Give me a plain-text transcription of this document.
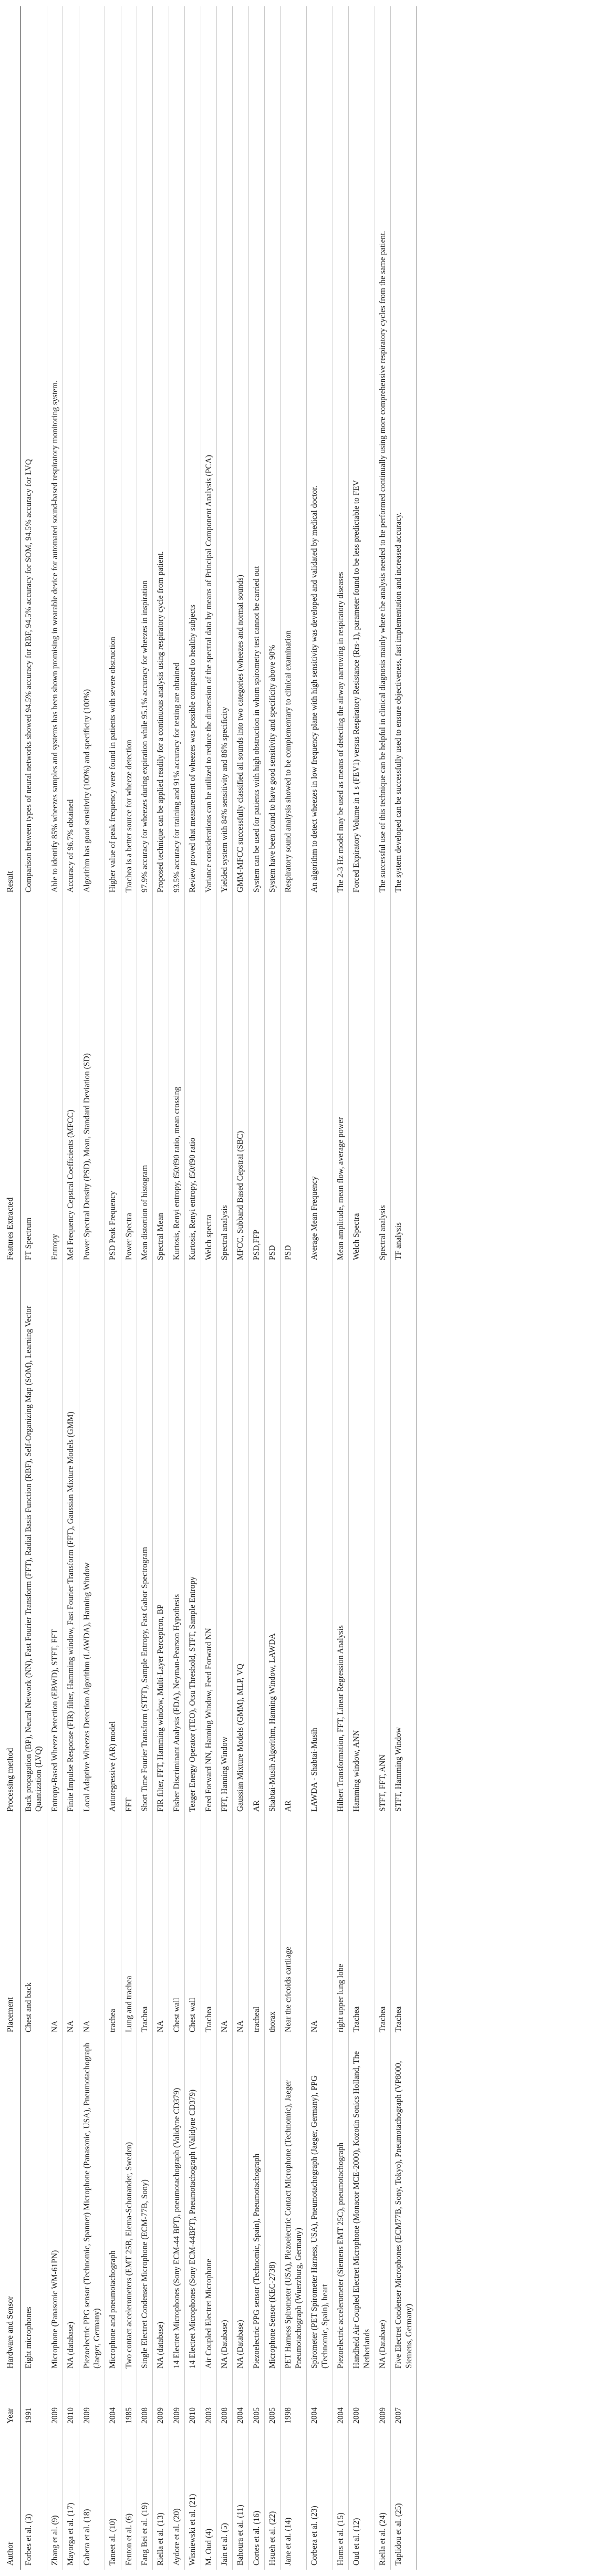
Author	Year	Hardware and Sensor	Placement	Processing method	Features Extracted	Result
Forbes et al. (3)	1991	Eight microphones	Chest and back	Back propagation (BP), Neural Network (NN), Fast Fourier Transform (FFT), Radial Basis Function (RBF), Self-Organizing Map (SOM), Learning Vector Quantization (LVQ)	FT Spectrum	Comparison between types of neural networks showed 94.5% accuracy for RBF, 94.5% accuracy for SOM, 94.5% accuracy for LVQ
Zhang et al. (9)	2009	Microphone (Panasonic WM-61PN)	NA	Entropy-Based Wheeze Detection (EBWD), STFT, FFT	Entropy	Able to identify 85% wheezes samples and systems has been shown promising in wearable device for automated sound-based respiratory monitoring system.
Mayorga et al. (17)	2010	NA (database)	NA	Finite Impulse Response (FIR) filter, Hamming window, Fast Fourier Transform (FFT), Gaussian Mixture Models (GMM)	Mel Frequency Cepstral Coefficients (MFCC)	Accuracy of 96.7% obtained
Cabera et al. (18)	2009	Piezoelectric PPG sensor (Technomic, Spanner) Microphone (Panasonic, USA), Pneumotachograph (Jaeger, Germany)	NA	Local Adaptive Wheezes Detection Algorithm (LAWDA), Hanning Window	Power Spectral Density (PSD), Mean, Standard Deviation (SD)	Algorithm has good sensitivity (100%) and specificity (100%)
Taneet al. (10)	2004	Microphone and pneumotachograph	trachea	Autoregressive (AR) model	PSD Peak Frequency	Higher value of peak frequency were found in patients with severe obstruction
Fenton et al. (6)	1985	Two contact accelerometers (EMT 25B, Elema-Schonander, Sweden)	Lung and trachea	FFT	Power Spectra	Trachea is a better source for wheeze detection
Fang Bei et al. (19)	2008	Single Electret Condenser Microphone (ECM-77B, Sony)	Trachea	Short Time Fourier Transform (STFT), Sample Entropy, Fast Gabor Spectrogram	Mean distortion of histogram	97.9% accuracy for wheezes during expiration while 95.1% accuracy for wheezes in inspiration
Riella et al. (13)	2009	NA (database)	NA	FIR filter, FFT, Hamming window, Multi-Layer Perceptron, BP	Spectral Mean	Proposed technique can be applied readily for a continuous analysis using respiratory cycle from patient.
Aydore et al. (20)	2009	14 Electret Microphones (Sony ECM-44 BPT), pneumotachograph (Validyne CD379)	Chest wall	Fisher Discriminant Analysis (FDA), Neyman-Pearson Hypothesis	Kurtosis, Renyi entropy, f50/f90 ratio, mean crossing	93.5% accuracy for training and 91% accuracy for testing are obtained
Wisniewski et al. (21)	2010	14 Electret Microphones (Sony ECM-44BPT), Pneumotachograph (Validyne CD379)	Chest wall	Teager Energy Operator (TEO), Otsu Threshold, STFT, Sample Entropy	Kurtosis, Renyi entropy, f50/f90 ratio	Review proved that measurement of wheezes was possible compared to healthy subjects
M. Oud (4)	2003	Air Coupled Electret Microphone	Trachea	Feed Forward NN, Hanning Window, Feed Forward NN	Welch spectra	Variance considerations can be utilized to reduce the dimension of the spectral data by means of Principal Component Analysis (PCA)
Jain et al. (5)	2008	NA (Database)	NA	FFT, Hanning Window	Spectral analysis	Yielded system with 84% sensitivity and 86% specificity
Bahoura et al. (11)	2004	NA (Database)	NA	Gaussian Mixture Models (GMM), MLP, VQ	MFCC, Subband Based Cepstral (SBC)	GMM-MFCC successfully classified all sounds into two categories (wheezes and normal sounds)
Cortes et al. (16)	2005	Piezoelectric PPG sensor (Technomic, Spain), Pneumotachograph	tracheal	AR	PSD,FFP	System can be used for patients with high obstruction in whom spirometry test cannot be carried out
Hsueh et al. (22)	2005	Microphone Sensor (KEC-2738)	thorax	Shabtai-Musih Algorithm, Hanning Window, LAWDA	PSD	System have been found to have good sensitivity and specificity above 90%
Jane et al. (14)	1998	PET Harness Spirometer (USA), Piezoelectric Contact Microphone (Technomic), Jaeger Pneumotachograph (Wuerzburg, Germany)	Near the cricoids cartilage	AR	PSD	Respiratory sound analysis showed to be complementary to clinical examination
Corbera et al. (23)	2004	Spirometer (PET Spirometer Harness, USA), Pneumotachograph (Jaeger, Germany), PPG (Technomic, Spain), heart	NA	LAWDA - Shabtai-Musih	Average Mean Frequency	An algorithm to detect wheezes in low frequency plane with high sensitivity was developed and validated by medical doctor.
Homs et al. (15)	2004	Piezoelectric accelerometer (Siemens EMT 25C), pneumotachograph	right upper lung lobe	Hilbert Transformation, FFT, Linear Regression Analysis	Mean amplitude, mean flow, average power	The 2-3 Hz model may be used as means of detecting the airway narrowing in respiratory diseases
Oud et al. (12)	2000	Handheld Air Coupled Electret Microphone (Monacor MCE-2000), Kozotin Sonics Holland, The Netherlands	Trachea	Hamming window, ANN	Welch Spectra	Forced Expiratory Volume in 1 s (FEV1) versus Respiratory Resistance (Rrs-1), parameter found to be less predictable to FEV
Riella et al. (24)	2009	NA (Database)	Trachea	STFT, FFT, ANN	Spectral analysis	The successful use of this technique can be helpful in clinical diagnosis mainly where the analysis needed to be performed continually using more comprehensive respiratory cycles from the same patient.
Taplidou et al. (25)	2007	Five Electret Condenser Microphones (ECM77B, Sony, Tokyo), Pneumotachograph (VP8000, Siemens, Germany)	Trachea	STFT, Hamming Window	TF analysis	The system developed can be successfully used to ensure objectiveness, fast implementation and increased accuracy.
